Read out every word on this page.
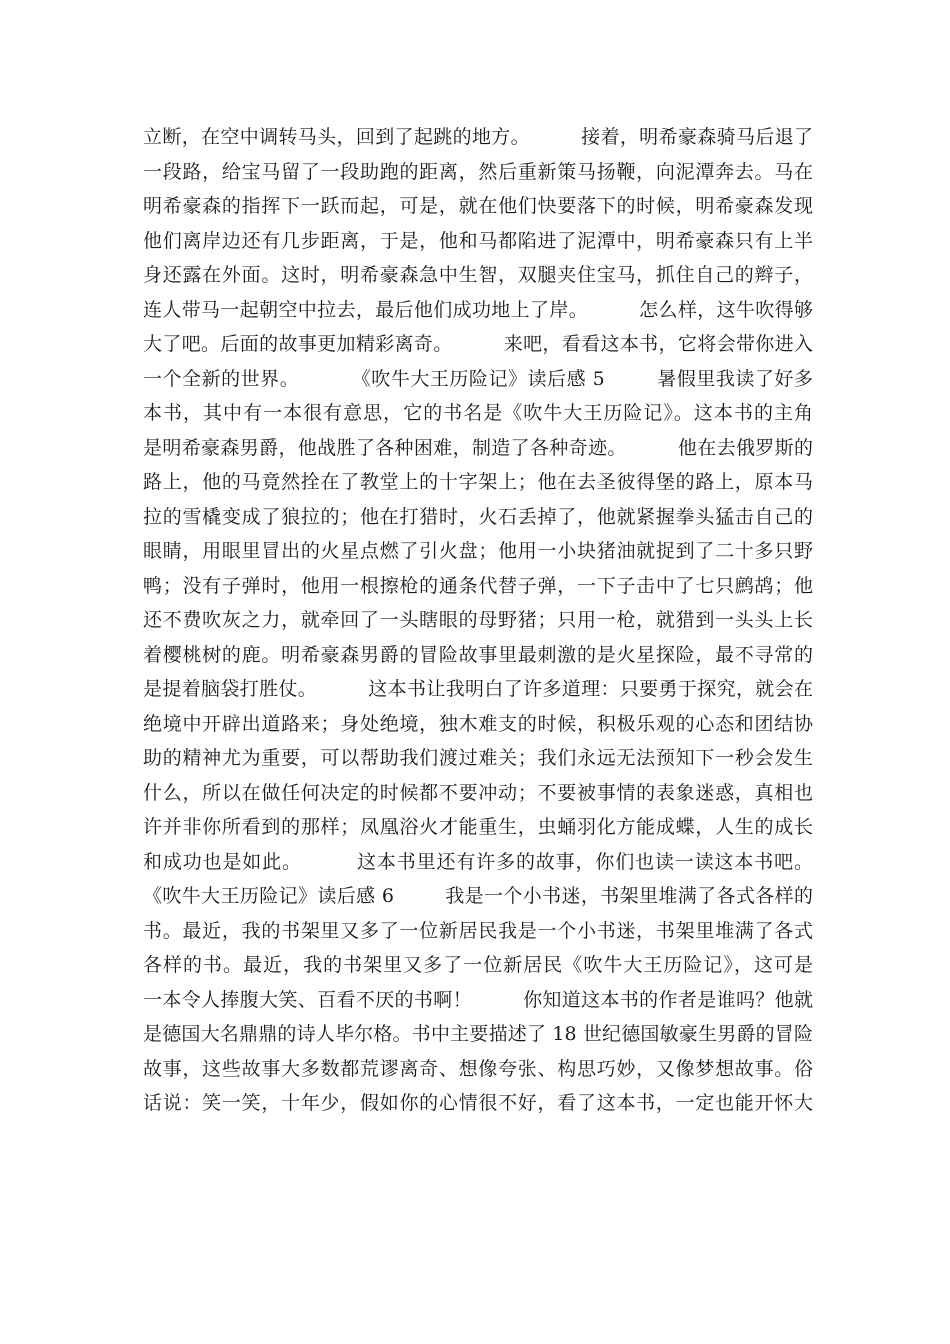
立断，在空中调转马头，回到了起跳的地方。        接着，明希豪森骑马后退了
一段路，给宝马留了一段助跑的距离，然后重新策马扬鞭，向泥潭奔去。马在
明希豪森的指挥下一跃而起，可是，就在他们快要落下的时候，明希豪森发现
他们离岸边还有几步距离，于是，他和马都陷进了泥潭中，明希豪森只有上半
身还露在外面。这时，明希豪森急中生智，双腿夹住宝马，抓住自己的辫子，
连人带马一起朝空中拉去，最后他们成功地上了岸。        怎么样，这牛吹得够
大了吧。后面的故事更加精彩离奇。        来吧，看看这本书，它将会带你进入
一个全新的世界。        《吹牛大王历险记》读后感 5        暑假里我读了好多
本书，其中有一本很有意思，它的书名是《吹牛大王历险记》。这本书的主角
是明希豪森男爵，他战胜了各种困难，制造了各种奇迹。        他在去俄罗斯的
路上，他的马竟然拴在了教堂上的十字架上；他在去圣彼得堡的路上，原本马
拉的雪橇变成了狼拉的；他在打猎时，火石丢掉了，他就紧握拳头猛击自己的
眼睛，用眼里冒出的火星点燃了引火盘；他用一小块猪油就捉到了二十多只野
鸭；没有子弹时，他用一根擦枪的通条代替子弹，一下子击中了七只鹧鸪；他
还不费吹灰之力，就牵回了一头瞎眼的母野猪；只用一枪，就猎到一头头上长
着樱桃树的鹿。明希豪森男爵的冒险故事里最刺激的是火星探险，最不寻常的
是提着脑袋打胜仗。        这本书让我明白了许多道理：只要勇于探究，就会在
绝境中开辟出道路来；身处绝境，独木难支的时候，积极乐观的心态和团结协
助的精神尤为重要，可以帮助我们渡过难关；我们永远无法预知下一秒会发生
什么，所以在做任何决定的时候都不要冲动；不要被事情的表象迷惑，真相也
许并非你所看到的那样；凤凰浴火才能重生，虫蛹羽化方能成蝶，人生的成长
和成功也是如此。        这本书里还有许多的故事，你们也读一读这本书吧。
《吹牛大王历险记》读后感 6        我是一个小书迷，书架里堆满了各式各样的
书。最近，我的书架里又多了一位新居民我是一个小书迷，书架里堆满了各式
各样的书。最近，我的书架里又多了一位新居民《吹牛大王历险记》，这可是
一本令人捧腹大笑、百看不厌的书啊！        你知道这本书的作者是谁吗？他就
是德国大名鼎鼎的诗人毕尔格。书中主要描述了 18 世纪德国敏豪生男爵的冒险
故事，这些故事大多数都荒谬离奇、想像夸张、构思巧妙，又像梦想故事。俗
话说：笑一笑，十年少，假如你的心情很不好，看了这本书，一定也能开怀大
